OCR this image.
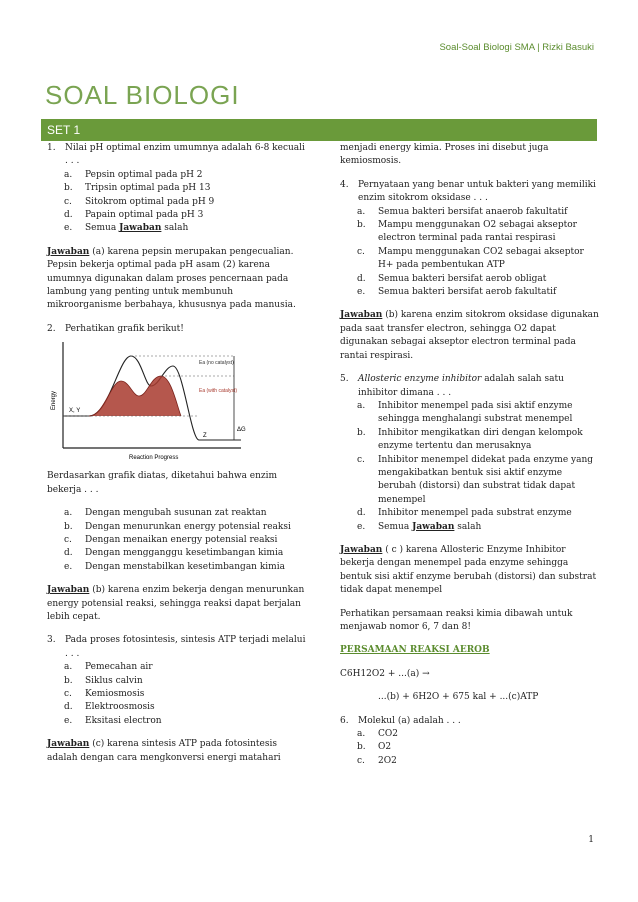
Soal-Soal Biologi SMA | Rizki Basuki
SOAL BIOLOGI
SET 1
1. Nilai pH optimal enzim umumnya adalah 6-8 kecuali . . .
a. Pepsin optimal pada pH 2
b. Tripsin optimal pada pH 13
c. Sitokrom optimal pada pH 9
d. Papain optimal pada pH 3
e. Semua Jawaban salah

Jawaban (a) karena pepsin merupakan pengecualian. Pepsin bekerja optimal pada pH asam (2) karena umumnya digunakan dalam proses pencernaan pada lambung yang penting untuk membunuh mikroorganisme berbahaya, khususnya pada manusia.

2. Perhatikan grafik berikut!
Energy
Reaction Progress
X, Y
Z
Ea (no catalyst)
Ea (with catalyst)
ΔG

Berdasarkan grafik diatas, diketahui bahwa enzim bekerja . . .

a. Dengan mengubah susunan zat reaktan
b. Dengan menurunkan energy potensial reaksi
c. Dengan menaikan energy potensial reaksi
d. Dengan mengganggu kesetimbangan kimia
e. Dengan menstabilkan kesetimbangan kimia

Jawaban (b) karena enzim bekerja dengan menurunkan energy potensial reaksi, sehingga reaksi dapat berjalan lebih cepat.

3. Pada proses fotosintesis, sintesis ATP terjadi melalui . . .
a. Pemecahan air
b. Siklus calvin
c. Kemiosmosis
d. Elektroosmosis
e. Eksitasi electron

Jawaban (c) karena sintesis ATP pada fotosintesis adalah dengan cara mengkonversi energi matahari

menjadi energy kimia. Proses ini disebut juga kemiosmosis.

4. Pernyataan yang benar untuk bakteri yang memiliki enzim sitokrom oksidase . . .
a. Semua bakteri bersifat anaerob fakultatif
b. Mampu menggunakan O2 sebagai akseptor electron terminal pada rantai respirasi
c. Mampu menggunakan CO2 sebagai akseptor H+ pada pembentukan ATP
d. Semua bakteri bersifat aerob obligat
e. Semua bakteri bersifat aerob fakultatif

Jawaban (b) karena enzim sitokrom oksidase digunakan pada saat transfer electron, sehingga O2 dapat digunakan sebagai akseptor electron terminal pada rantai respirasi.

5. Allosteric enzyme inhibitor adalah salah satu inhibitor dimana . . .
a. Inhibitor menempel pada sisi aktif enzyme sehingga menghalangi substrat menempel
b. Inhibitor mengikatkan diri dengan kelompok enzyme tertentu dan merusaknya
c. Inhibitor menempel didekat pada enzyme yang mengakibatkan bentuk sisi aktif enzyme berubah (distorsi) dan substrat tidak dapat menempel
d. Inhibitor menempel pada substrat enzyme
e. Semua Jawaban salah

Jawaban ( c ) karena Allosteric Enzyme Inhibitor bekerja dengan menempel pada enzyme sehingga bentuk sisi aktif enzyme berubah (distorsi) dan substrat tidak dapat menempel

Perhatikan persamaan reaksi kimia dibawah untuk menjawab nomor 6, 7 dan 8!

PERSAMAAN REAKSI AEROB

C6H12O2 + ...(a) →

...(b) + 6H2O + 675 kal + ...(c)ATP

6. Molekul (a) adalah . . .
a. CO2
b. O2
c. 2O2
1
